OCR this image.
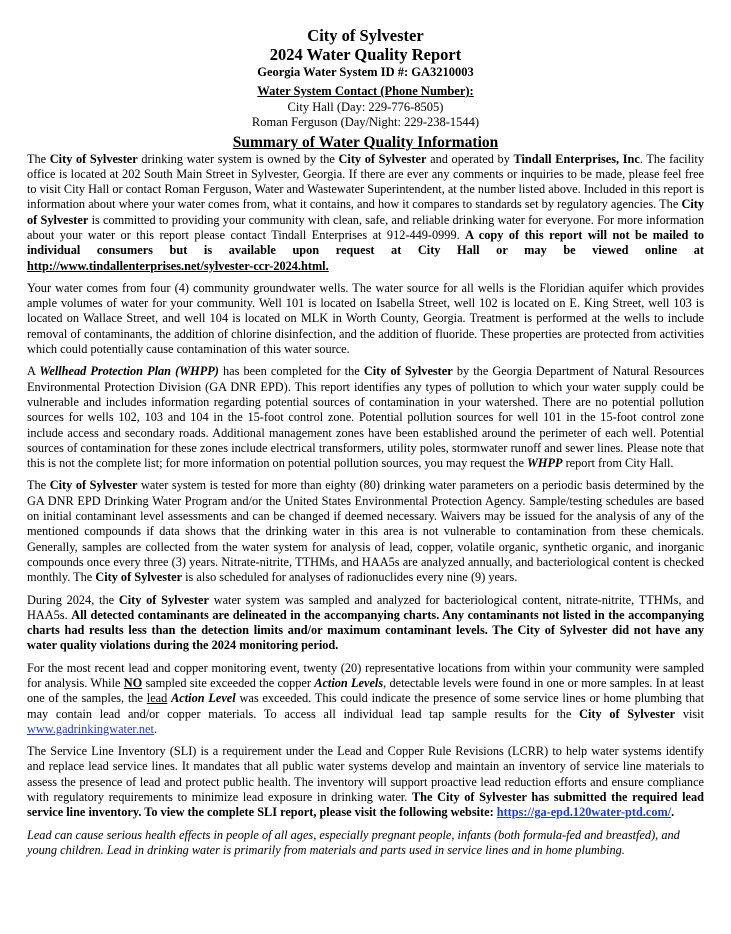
City of Sylvester
2024 Water Quality Report
Georgia Water System ID #: GA3210003
Water System Contact (Phone Number):
City Hall (Day: 229-776-8505)
Roman Ferguson (Day/Night: 229-238-1544)
Summary of Water Quality Information

The City of Sylvester drinking water system is owned by the City of Sylvester and operated by Tindall Enterprises, Inc. The facility office is located at 202 South Main Street in Sylvester, Georgia. If there are ever any comments or inquiries to be made, please feel free to visit City Hall or contact Roman Ferguson, Water and Wastewater Superintendent, at the number listed above. Included in this report is information about where your water comes from, what it contains, and how it compares to standards set by regulatory agencies. The City of Sylvester is committed to providing your community with clean, safe, and reliable drinking water for everyone. For more information about your water or this report please contact Tindall Enterprises at 912-449-0999. A copy of this report will not be mailed to individual consumers but is available upon request at City Hall or may be viewed online at http://www.tindallenterprises.net/sylvester-ccr-2024.html.

Your water comes from four (4) community groundwater wells. The water source for all wells is the Floridian aquifer which provides ample volumes of water for your community. Well 101 is located on Isabella Street, well 102 is located on E. King Street, well 103 is located on Wallace Street, and well 104 is located on MLK in Worth County, Georgia. Treatment is performed at the wells to include removal of contaminants, the addition of chlorine disinfection, and the addition of fluoride. These properties are protected from activities which could potentially cause contamination of this water source.

A Wellhead Protection Plan (WHPP) has been completed for the City of Sylvester by the Georgia Department of Natural Resources Environmental Protection Division (GA DNR EPD). This report identifies any types of pollution to which your water supply could be vulnerable and includes information regarding potential sources of contamination in your watershed. There are no potential pollution sources for wells 102, 103 and 104 in the 15-foot control zone. Potential pollution sources for well 101 in the 15-foot control zone include access and secondary roads. Additional management zones have been established around the perimeter of each well. Potential sources of contamination for these zones include electrical transformers, utility poles, stormwater runoff and sewer lines. Please note that this is not the complete list; for more information on potential pollution sources, you may request the WHPP report from City Hall.

The City of Sylvester water system is tested for more than eighty (80) drinking water parameters on a periodic basis determined by the GA DNR EPD Drinking Water Program and/or the United States Environmental Protection Agency. Sample/testing schedules are based on initial contaminant level assessments and can be changed if deemed necessary. Waivers may be issued for the analysis of any of the mentioned compounds if data shows that the drinking water in this area is not vulnerable to contamination from these chemicals. Generally, samples are collected from the water system for analysis of lead, copper, volatile organic, synthetic organic, and inorganic compounds once every three (3) years. Nitrate-nitrite, TTHMs, and HAA5s are analyzed annually, and bacteriological content is checked monthly. The City of Sylvester is also scheduled for analyses of radionuclides every nine (9) years.

During 2024, the City of Sylvester water system was sampled and analyzed for bacteriological content, nitrate-nitrite, TTHMs, and HAA5s. All detected contaminants are delineated in the accompanying charts. Any contaminants not listed in the accompanying charts had results less than the detection limits and/or maximum contaminant levels. The City of Sylvester did not have any water quality violations during the 2024 monitoring period.

For the most recent lead and copper monitoring event, twenty (20) representative locations from within your community were sampled for analysis. While NO sampled site exceeded the copper Action Levels, detectable levels were found in one or more samples. In at least one of the samples, the lead Action Level was exceeded. This could indicate the presence of some service lines or home plumbing that may contain lead and/or copper materials. To access all individual lead tap sample results for the City of Sylvester visit www.gadrinkingwater.net.

The Service Line Inventory (SLI) is a requirement under the Lead and Copper Rule Revisions (LCRR) to help water systems identify and replace lead service lines. It mandates that all public water systems develop and maintain an inventory of service line materials to assess the presence of lead and protect public health. The inventory will support proactive lead reduction efforts and ensure compliance with regulatory requirements to minimize lead exposure in drinking water. The City of Sylvester has submitted the required lead service line inventory. To view the complete SLI report, please visit the following website: https://ga-epd.120water-ptd.com/.

Lead can cause serious health effects in people of all ages, especially pregnant people, infants (both formula-fed and breastfed), and young children. Lead in drinking water is primarily from materials and parts used in service lines and in home plumbing.
